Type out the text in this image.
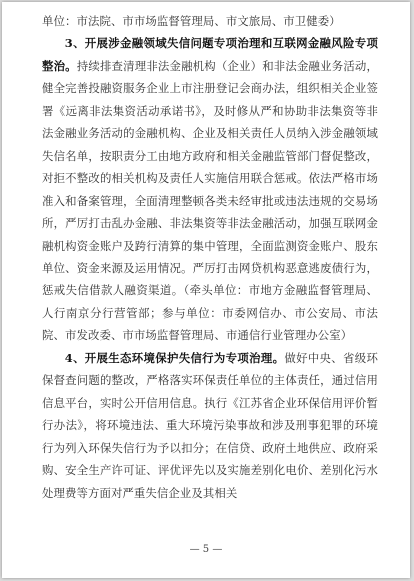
单位：市法院、市市场监督管理局、市文旅局、市卫健委）

3、开展涉金融领域失信问题专项治理和互联网金融风险专项整治。持续排查清理非法金融机构（企业）和非法金融业务活动，健全完善投融资服务企业上市注册登记会商办法，组织相关企业签署《远离非法集资活动承诺书》，及时修从严和协助非法集资等非法金融业务活动的金融机构、企业及相关责任人员纳入涉金融领域失信名单，按职责分工由地方政府和相关金融监管部门督促整改，对拒不整改的相关机构及责任人实施信用联合惩戒。依法严格市场准入和备案管理，全面清理整顿各类未经审批或违法违规的交易场所，严厉打击乱办金融、非法集资等非法金融活动，加强互联网金融机构资金账户及跨行清算的集中管理，全面监测资金账户、股东单位、资金来源及运用情况。严厉打击网贷机构恶意逃废债行为，惩戒失信借款人融资渠道。（牵头单位：市地方金融监督管理局、人行南京分行营管部；参与单位：市委网信办、市公安局、市法院、市发改委、市市场监督管理局、市通信行业管理办公室）

4、开展生态环境保护失信行为专项治理。做好中央、省级环保督查问题的整改，严格落实环保责任单位的主体责任，通过信用信息平台，实时公开信用信息。执行《江苏省企业环保信用评价暂行办法》，将环境违法、重大环境污染事故和涉及刑事犯罪的环境行为列入环保失信行为予以扣分；在信贷、政府土地供应、政府采购、安全生产许可证、评优评先以及实施差别化电价、差别化污水处理费等方面对严重失信企业及其相关

— 5 —
